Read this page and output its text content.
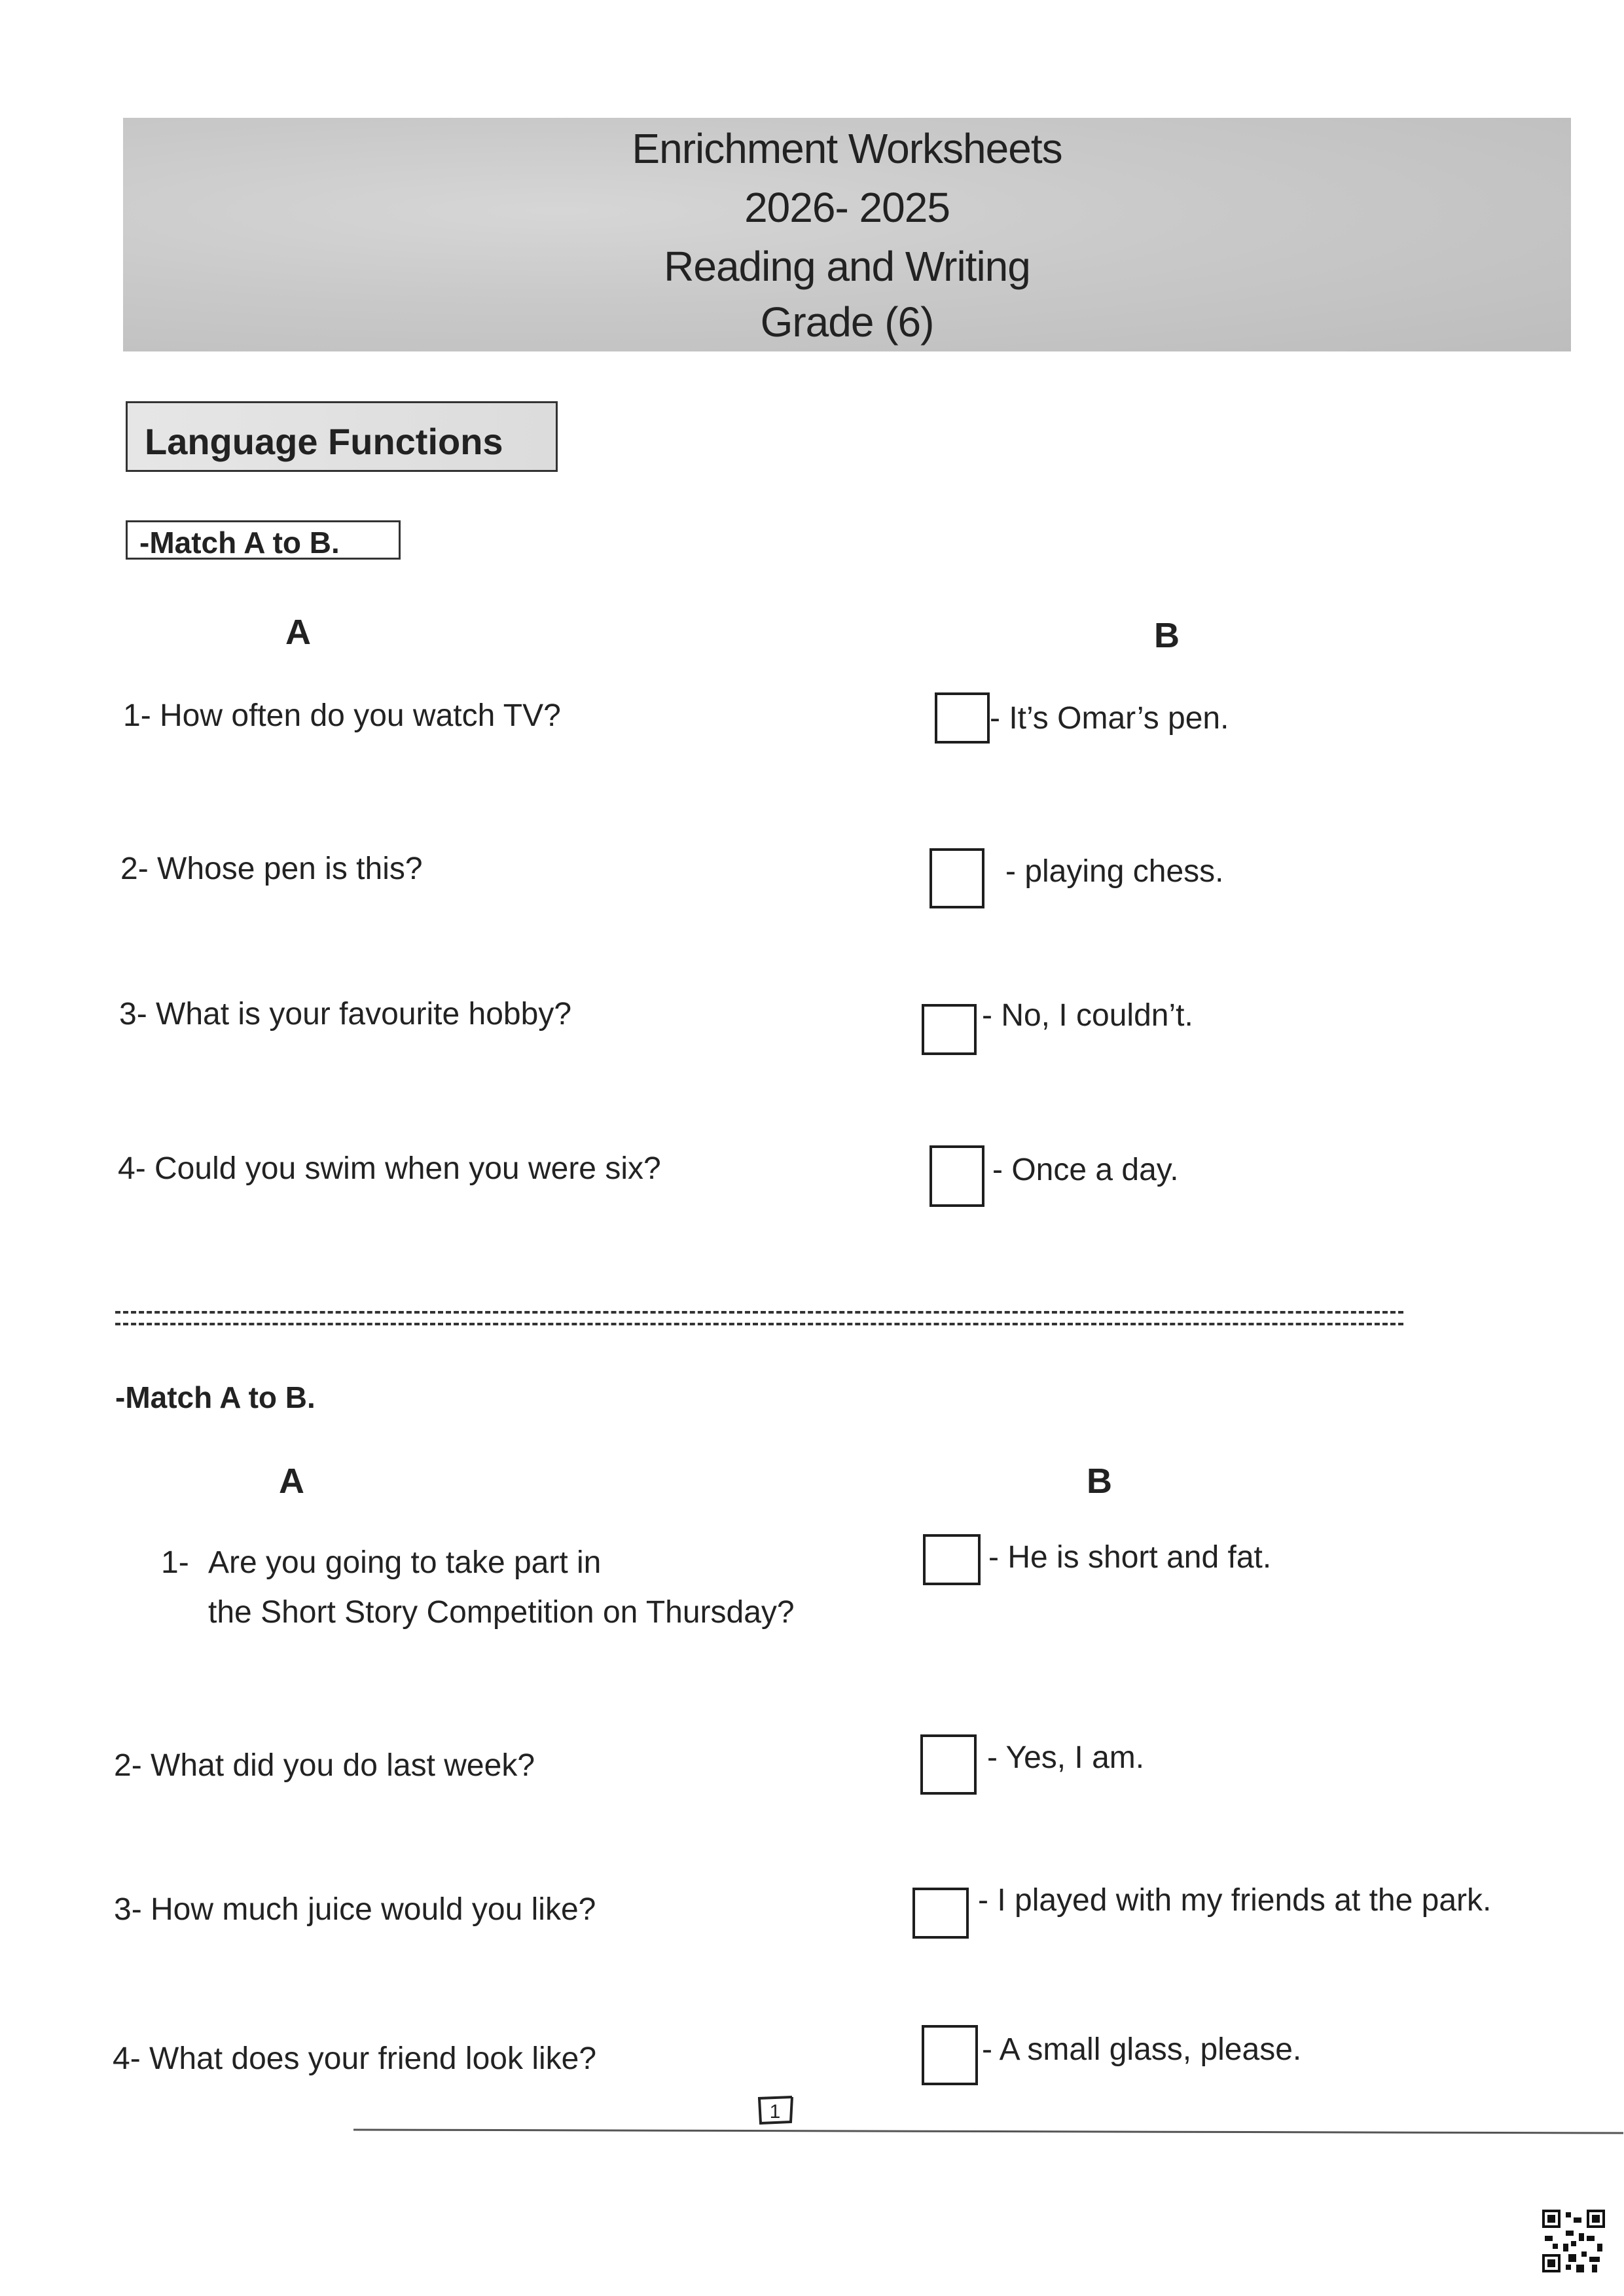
Enrichment Worksheets
2026- 2025
Reading and Writing
Grade (6)
Language Functions
-Match A to B.
A	B
1- How often do you watch TV?
2- Whose pen is this?
3- What is your favourite hobby?
4- Could you swim when you were six?
- It’s Omar’s pen.
- playing chess.
- No, I couldn’t.
- Once a day.
-Match A to B.
A	B
1- Are you going to take part in
the Short Story Competition on Thursday?
2- What did you do last week?
3- How much juice would you like?
4- What does your friend look like?
- He is short and fat.
- Yes, I am.
- I played with my friends at the park.
- A small glass, please.
1
